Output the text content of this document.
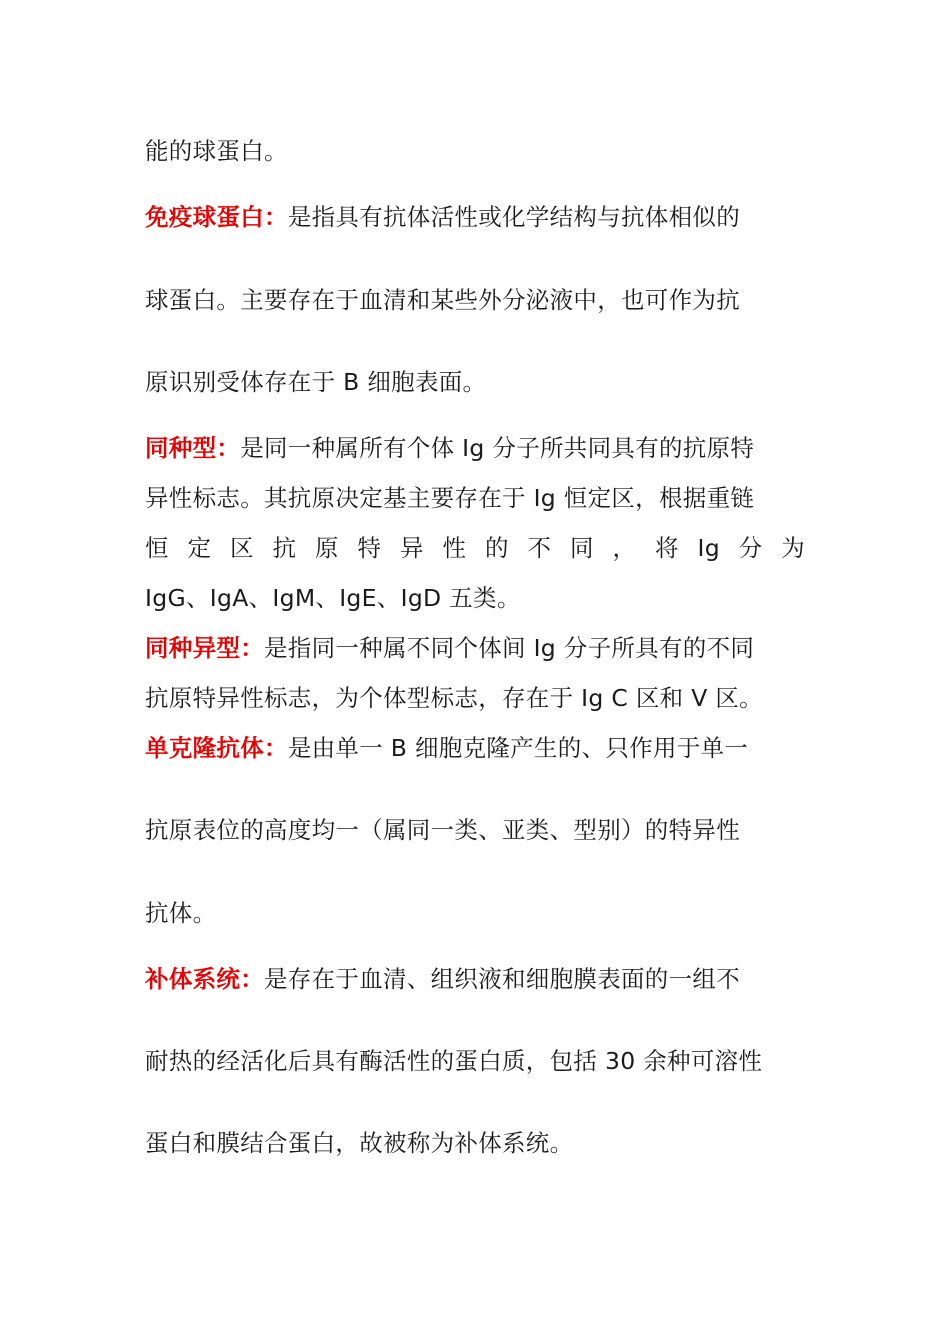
能的球蛋白。
免疫球蛋白：是指具有抗体活性或化学结构与抗体相似的
球蛋白。主要存在于血清和某些外分泌液中，也可作为抗
原识别受体存在于 B 细胞表面。
同种型：是同一种属所有个体 Ig 分子所共同具有的抗原特
异性标志。其抗原决定基主要存在于 Ig 恒定区，根据重链
恒 定 区 抗 原 特 异 性 的 不 同 ， 将 Ig 分 为
IgG、IgA、IgM、IgE、IgD 五类。
同种异型：是指同一种属不同个体间 Ig 分子所具有的不同
抗原特异性标志，为个体型标志，存在于 Ig C 区和 V 区。
单克隆抗体：是由单一 B 细胞克隆产生的、只作用于单一
抗原表位的高度均一（属同一类、亚类、型别）的特异性
抗体。
补体系统：是存在于血清、组织液和细胞膜表面的一组不
耐热的经活化后具有酶活性的蛋白质，包括 30 余种可溶性
蛋白和膜结合蛋白，故被称为补体系统。
